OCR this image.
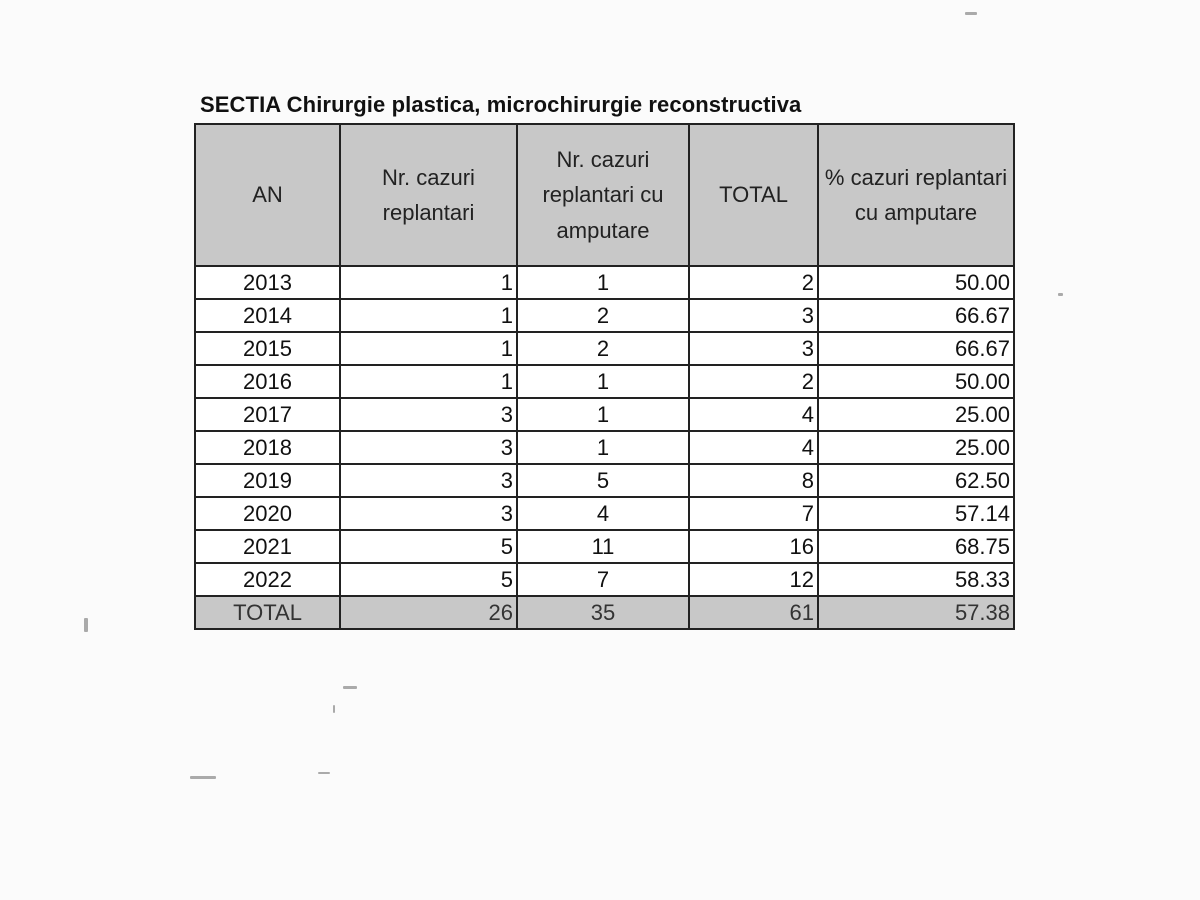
SECTIA Chirurgie plastica, microchirurgie reconstructiva
AN	Nr. cazuri replantari	Nr. cazuri replantari cu amputare	TOTAL	% cazuri replantari cu amputare
2013	1	1	2	50.00
2014	1	2	3	66.67
2015	1	2	3	66.67
2016	1	1	2	50.00
2017	3	1	4	25.00
2018	3	1	4	25.00
2019	3	5	8	62.50
2020	3	4	7	57.14
2021	5	11	16	68.75
2022	5	7	12	58.33
TOTAL	26	35	61	57.38
